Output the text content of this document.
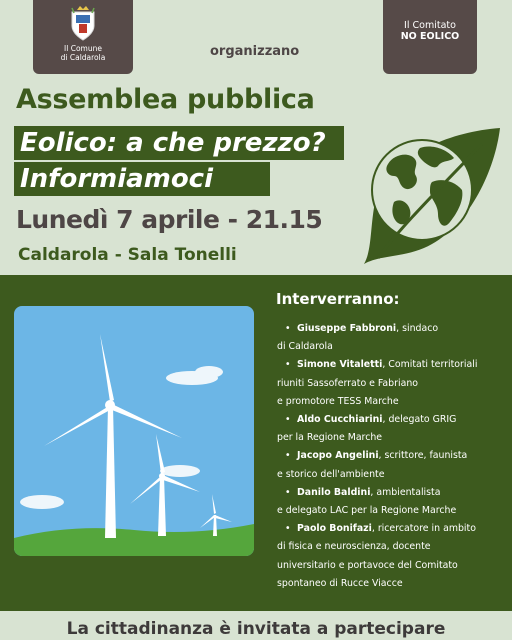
Il Comune
di Caldarola
Il Comitato
NO EOLICO
organizzano
Assemblea pubblica
Eolico: a che prezzo?
Informiamoci
Lunedì 7 aprile - 21.15
Caldarola - Sala Tonelli
Interverranno:
• Giuseppe Fabbroni, sindaco
di Caldarola
• Simone Vitaletti, Comitati territoriali
riuniti Sassoferrato e Fabriano
e promotore TESS Marche
• Aldo Cucchiarini, delegato GRIG
per la Regione Marche
• Jacopo Angelini, scrittore, faunista
e storico dell'ambiente
• Danilo Baldini, ambientalista
e delegato LAC per la Regione Marche
• Paolo Bonifazi, ricercatore in ambito
di fisica e neuroscienza, docente
universitario e portavoce del Comitato
spontaneo di Rucce Viacce
La cittadinanza è invitata a partecipare
